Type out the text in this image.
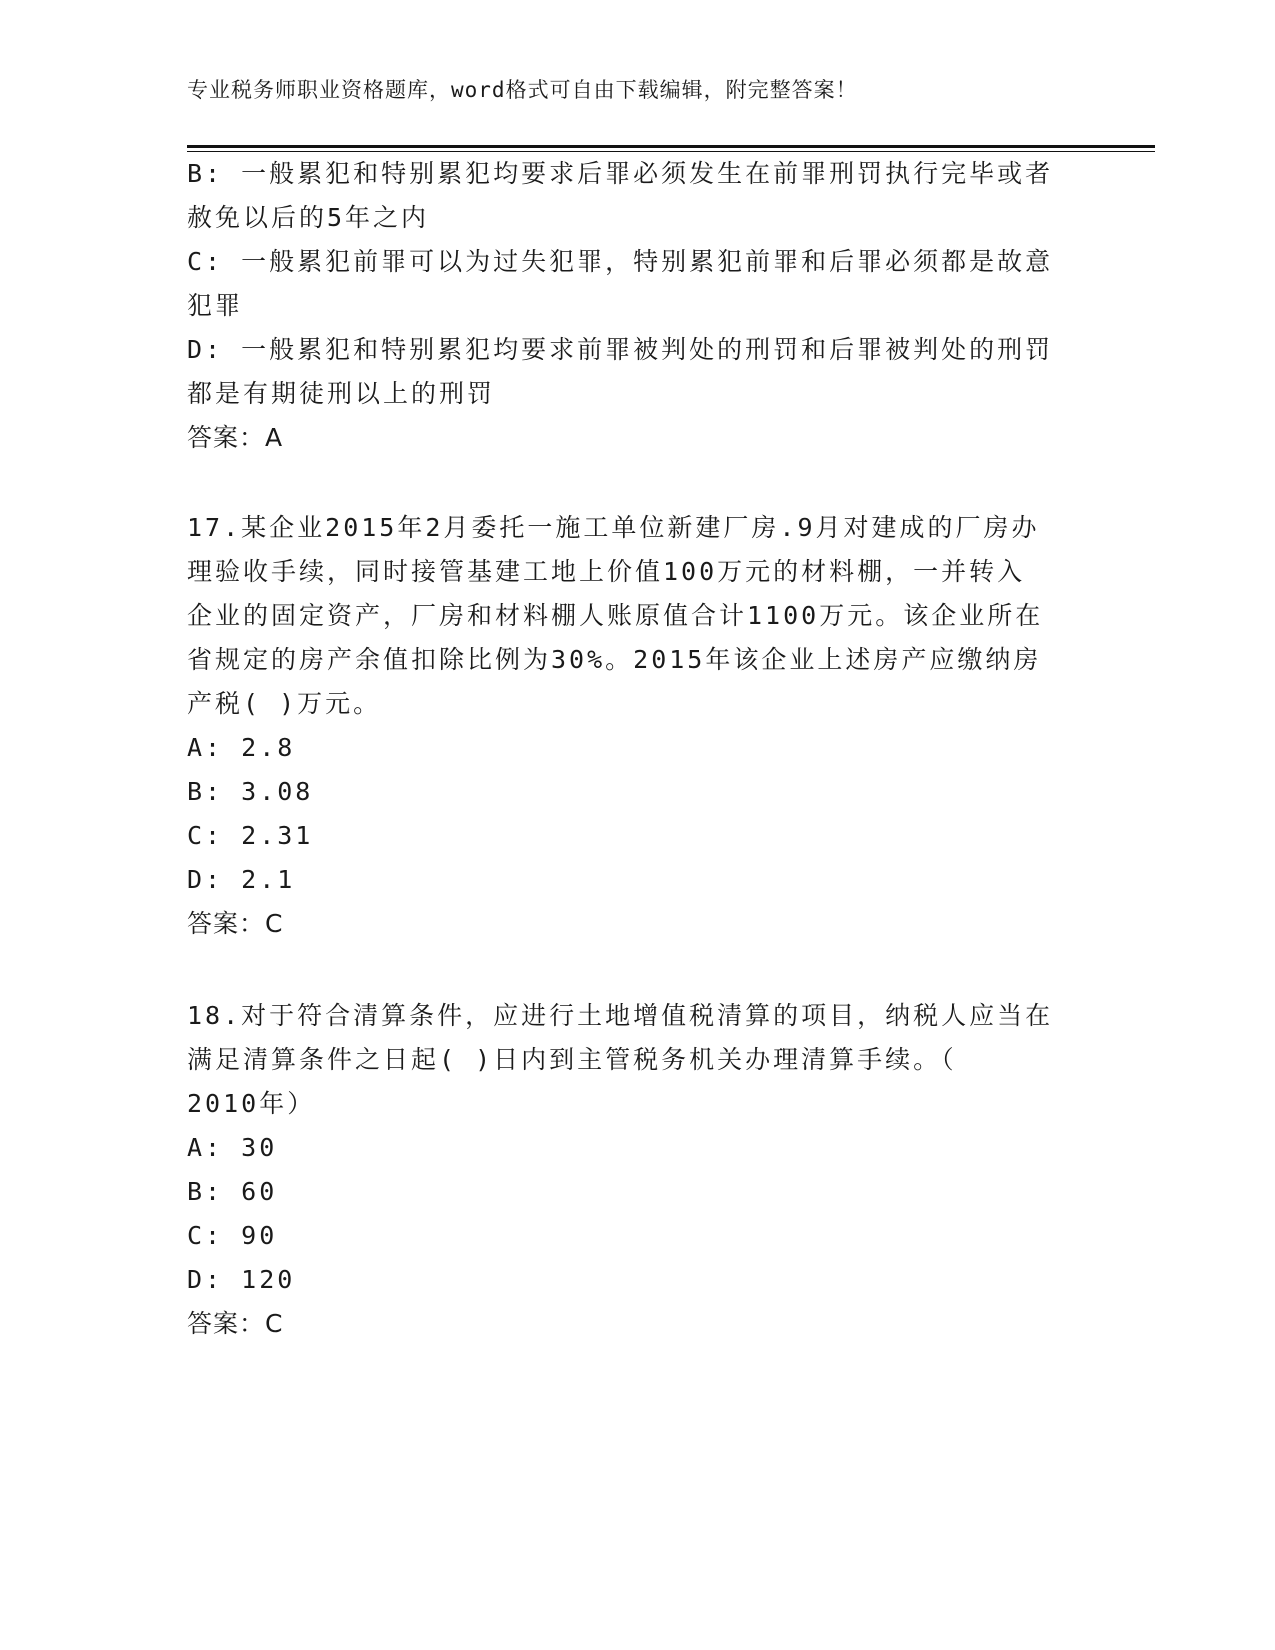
专业税务师职业资格题库，word格式可自由下载编辑，附完整答案！
B: 一般累犯和特别累犯均要求后罪必须发生在前罪刑罚执行完毕或者
赦免以后的5年之内
C: 一般累犯前罪可以为过失犯罪，特别累犯前罪和后罪必须都是故意
犯罪
D: 一般累犯和特别累犯均要求前罪被判处的刑罚和后罪被判处的刑罚
都是有期徒刑以上的刑罚
答案：A
17.某企业2015年2月委托一施工单位新建厂房.9月对建成的厂房办
理验收手续，同时接管基建工地上价值100万元的材料棚，一并转入
企业的固定资产，厂房和材料棚人账原值合计1100万元。该企业所在
省规定的房产余值扣除比例为30%。2015年该企业上述房产应缴纳房
产税( )万元。
A: 2.8
B: 3.08
C: 2.31
D: 2.1
答案：C
18.对于符合清算条件，应进行土地增值税清算的项目，纳税人应当在
满足清算条件之日起( )日内到主管税务机关办理清算手续。（
2010年）
A: 30
B: 60
C: 90
D: 120
答案：C
